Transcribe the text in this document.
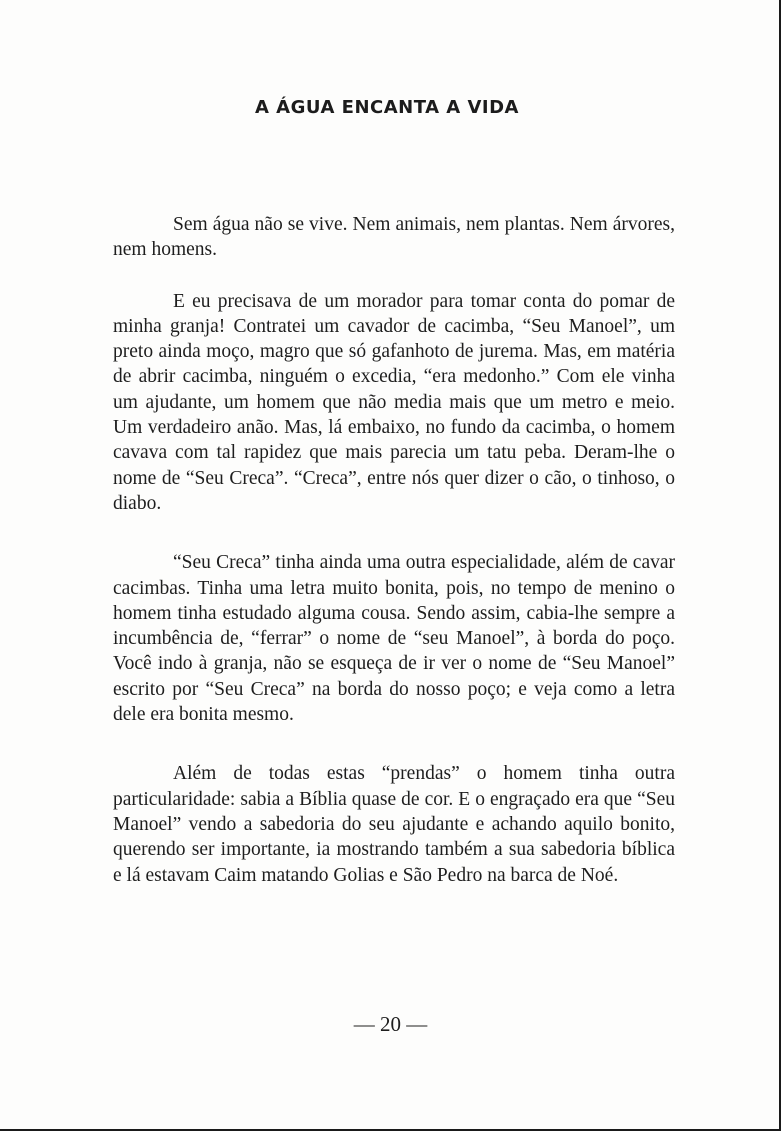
A ÁGUA ENCANTA A VIDA

Sem água não se vive. Nem animais, nem plantas. Nem árvores, nem homens.

E eu precisava de um morador para tomar conta do pomar de minha granja! Contratei um cavador de cacimba, “Seu Manoel”, um preto ainda moço, magro que só gafanhoto de jurema. Mas, em matéria de abrir cacimba, ninguém o excedia, “era medonho.” Com ele vinha um ajudante, um homem que não media mais que um metro e meio. Um verdadeiro anão. Mas, lá embaixo, no fundo da cacimba, o homem cavava com tal rapidez que mais parecia um tatu peba. Deram-lhe o nome de “Seu Creca”. “Creca”, entre nós quer dizer o cão, o tinhoso, o diabo.

“Seu Creca” tinha ainda uma outra especialidade, além de cavar cacimbas. Tinha uma letra muito bonita, pois, no tempo de menino o homem tinha estudado alguma cousa. Sendo assim, cabia-lhe sempre a incumbência de, “ferrar” o nome de “seu Manoel”, à borda do poço. Você indo à granja, não se esqueça de ir ver o nome de “Seu Manoel” escrito por “Seu Creca” na borda do nosso poço; e veja como a letra dele era bonita mesmo.

Além de todas estas “prendas” o homem tinha outra particularidade: sabia a Bíblia quase de cor. E o engraçado era que “Seu Manoel” vendo a sabedoria do seu ajudante e achando aquilo bonito, querendo ser importante, ia mostrando também a sua sabedoria bíblica e lá estavam Caim matando Golias e São Pedro na barca de Noé.

— 20 —
